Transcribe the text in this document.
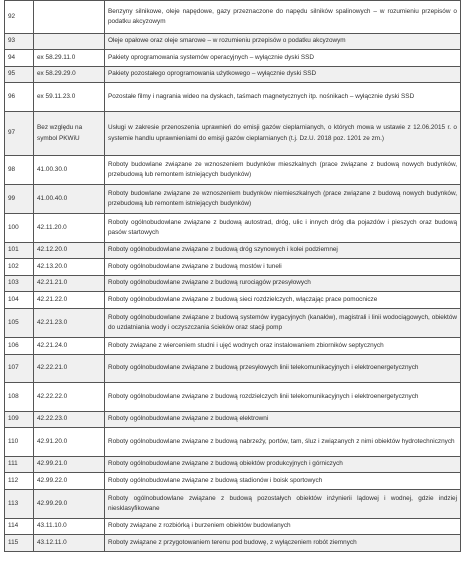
92		Benzyny silnikowe, oleje napędowe, gazy przeznaczone do napędu silników spalinowych – w rozumieniu przepisów o podatku akcyzowym
93		Oleje opałowe oraz oleje smarowe – w rozumieniu przepisów o podatku akcyzowym
94	ex 58.29.11.0	Pakiety oprogramowania systemów operacyjnych – wyłącznie dyski SSD
95	ex 58.29.29.0	Pakiety pozostałego oprogramowania użytkowego – wyłącznie dyski SSD
96	ex 59.11.23.0	Pozostałe filmy i nagrania wideo na dyskach, taśmach magnetycznych itp. nośnikach – wyłącznie dyski SSD
97	Bez względu na symbol PKWiU	Usługi w zakresie przenoszenia uprawnień do emisji gazów cieplarnianych, o których mowa w ustawie z 12.06.2015 r. o systemie handlu uprawnieniami do emisji gazów cieplarnianych (t.j. Dz.U. 2018 poz. 1201 ze zm.)
98	41.00.30.0	Roboty budowlane związane ze wznoszeniem budynków mieszkalnych (prace związane z budową nowych budynków, przebudową lub remontem istniejących budynków)
99	41.00.40.0	Roboty budowlane związane ze wznoszeniem budynków niemieszkalnych (prace związane z budową nowych budynków, przebudową lub remontem istniejących budynków)
100	42.11.20.0	Roboty ogólnobudowlane związane z budową autostrad, dróg, ulic i innych dróg dla pojazdów i pieszych oraz budową pasów startowych
101	42.12.20.0	Roboty ogólnobudowlane związane z budową dróg szynowych i kolei podziemnej
102	42.13.20.0	Roboty ogólnobudowlane związane z budową mostów i tuneli
103	42.21.21.0	Roboty ogólnobudowlane związane z budową rurociągów przesyłowych
104	42.21.22.0	Roboty ogólnobudowlane związane z budową sieci rozdzielczych, włączając prace pomocnicze
105	42.21.23.0	Roboty ogólnobudowlane związane z budową systemów irygacyjnych (kanałów), magistrali i linii wodociągowych, obiektów do uzdatniania wody i oczyszczania ścieków oraz stacji pomp
106	42.21.24.0	Roboty związane z wierceniem studni i ujęć wodnych oraz instalowaniem zbiorników septycznych
107	42.22.21.0	Roboty ogólnobudowlane związane z budową przesyłowych linii telekomunikacyjnych i elektroenergetycznych
108	42.22.22.0	Roboty ogólnobudowlane związane z budową rozdzielczych linii telekomunikacyjnych i elektroenergetycznych
109	42.22.23.0	Roboty ogólnobudowlane związane z budową elektrowni
110	42.91.20.0	Roboty ogólnobudowlane związane z budową nabrzeży, portów, tam, śluz i związanych z nimi obiektów hydrotechnicznych
111	42.99.21.0	Roboty ogólnobudowlane związane z budową obiektów produkcyjnych i górniczych
112	42.99.22.0	Roboty ogólnobudowlane związane z budową stadionów i boisk sportowych
113	42.99.29.0	Roboty ogólnobudowlane związane z budową pozostałych obiektów inżynierii lądowej i wodnej, gdzie indziej niesklasyfikowane
114	43.11.10.0	Roboty związane z rozbiórką i burzeniem obiektów budowlanych
115	43.12.11.0	Roboty związane z przygotowaniem terenu pod budowę, z wyłączeniem robót ziemnych
